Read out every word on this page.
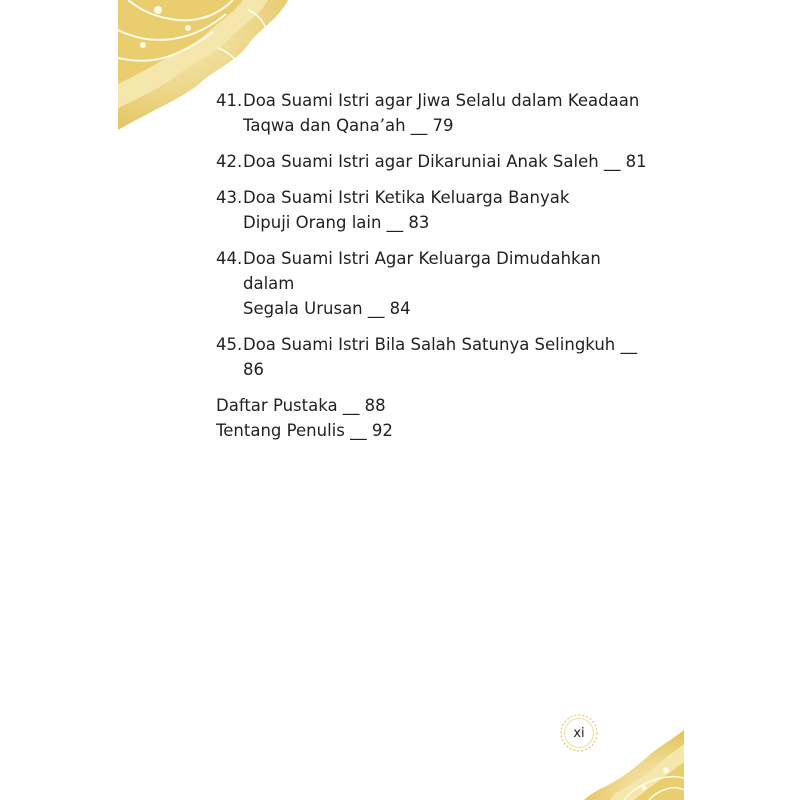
41. Doa Suami Istri agar Jiwa Selalu dalam Keadaan
Taqwa dan Qana’ah __ 79
42. Doa Suami Istri agar Dikaruniai Anak Saleh __ 81
43. Doa Suami Istri Ketika Keluarga Banyak
Dipuji Orang lain __ 83
44. Doa Suami Istri Agar Keluarga Dimudahkan dalam
Segala Urusan __ 84
45. Doa Suami Istri Bila Salah Satunya Selingkuh __ 86
Daftar Pustaka __ 88
Tentang Penulis __ 92
xi
